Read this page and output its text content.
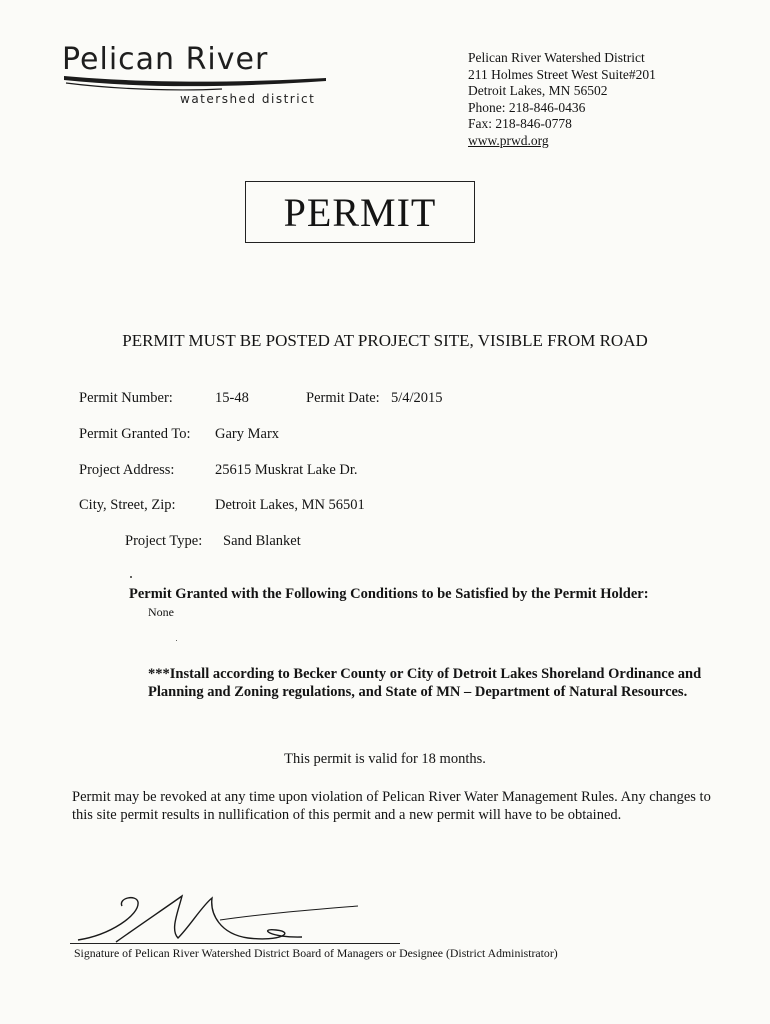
Pelican River
watershed district
Pelican River Watershed District
211 Holmes Street West Suite#201
Detroit Lakes, MN 56502
Phone: 218-846-0436
Fax: 218-846-0778
www.prwd.org
PERMIT
PERMIT MUST BE POSTED AT PROJECT SITE, VISIBLE FROM ROAD
Permit Number:	15-48	Permit Date: 5/4/2015
Permit Granted To: Gary Marx
Project Address:	25615 Muskrat Lake Dr.
City, Street, Zip:	Detroit Lakes, MN 56501
Project Type: Sand Blanket
Permit Granted with the Following Conditions to be Satisfied by the Permit Holder:
None
***Install according to Becker County or City of Detroit Lakes Shoreland Ordinance and Planning and Zoning regulations, and State of MN – Department of Natural Resources.
This permit is valid for 18 months.
Permit may be revoked at any time upon violation of Pelican River Water Management Rules. Any changes to this site permit results in nullification of this permit and a new permit will have to be obtained.
Signature of Pelican River Watershed District Board of Managers or Designee (District Administrator)
